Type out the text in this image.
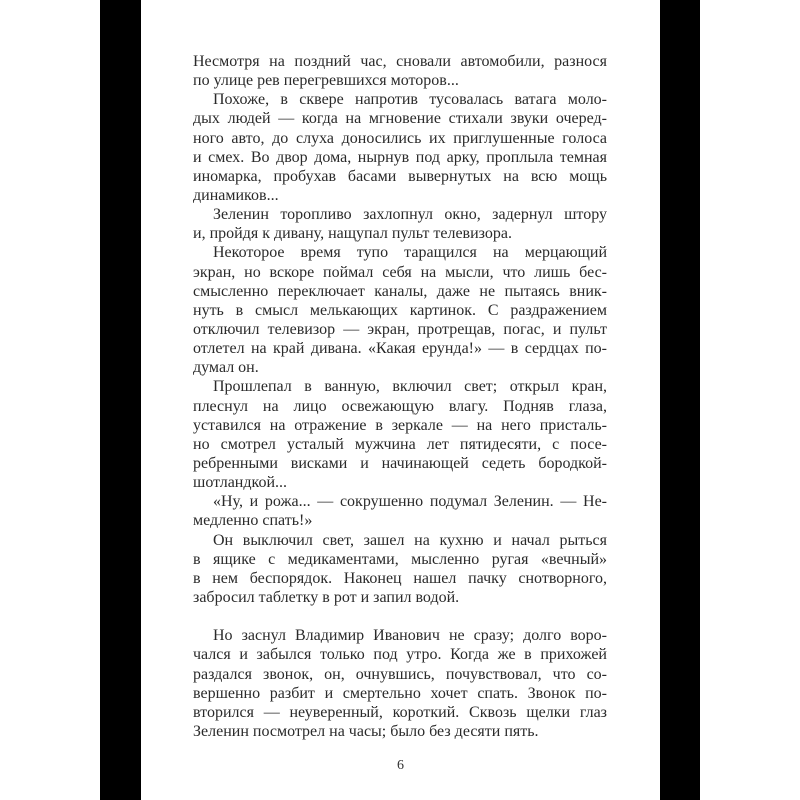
Несмотря на поздний час, сновали автомобили, разнося
по улице рев перегревшихся моторов...
Похоже, в сквере напротив тусовалась ватага моло-
дых людей — когда на мгновение стихали звуки очеред-
ного авто, до слуха доносились их приглушенные голоса
и смех. Во двор дома, нырнув под арку, проплыла темная
иномарка, пробухав басами вывернутых на всю мощь
динамиков...
Зеленин торопливо захлопнул окно, задернул штору
и, пройдя к дивану, нащупал пульт телевизора.
Некоторое время тупо таращился на мерцающий
экран, но вскоре поймал себя на мысли, что лишь бес-
смысленно переключает каналы, даже не пытаясь вник-
нуть в смысл мелькающих картинок. С раздражением
отключил телевизор — экран, протрещав, погас, и пульт
отлетел на край дивана. «Какая ерунда!» — в сердцах по-
думал он.
Прошлепал в ванную, включил свет; открыл кран,
плеснул на лицо освежающую влагу. Подняв глаза,
уставился на отражение в зеркале — на него присталь-
но смотрел усталый мужчина лет пятидесяти, с посе-
ребренными висками и начинающей седеть бородкой-
шотландкой...
«Ну, и рожа... — сокрушенно подумал Зеленин. — Не-
медленно спать!»
Он выключил свет, зашел на кухню и начал рыться
в ящике с медикаментами, мысленно ругая «вечный»
в нем беспорядок. Наконец нашел пачку снотворного,
забросил таблетку в рот и запил водой.
Но заснул Владимир Иванович не сразу; долго воро-
чался и забылся только под утро. Когда же в прихожей
раздался звонок, он, очнувшись, почувствовал, что со-
вершенно разбит и смертельно хочет спать. Звонок по-
вторился — неуверенный, короткий. Сквозь щелки глаз
Зеленин посмотрел на часы; было без десяти пять.
6
